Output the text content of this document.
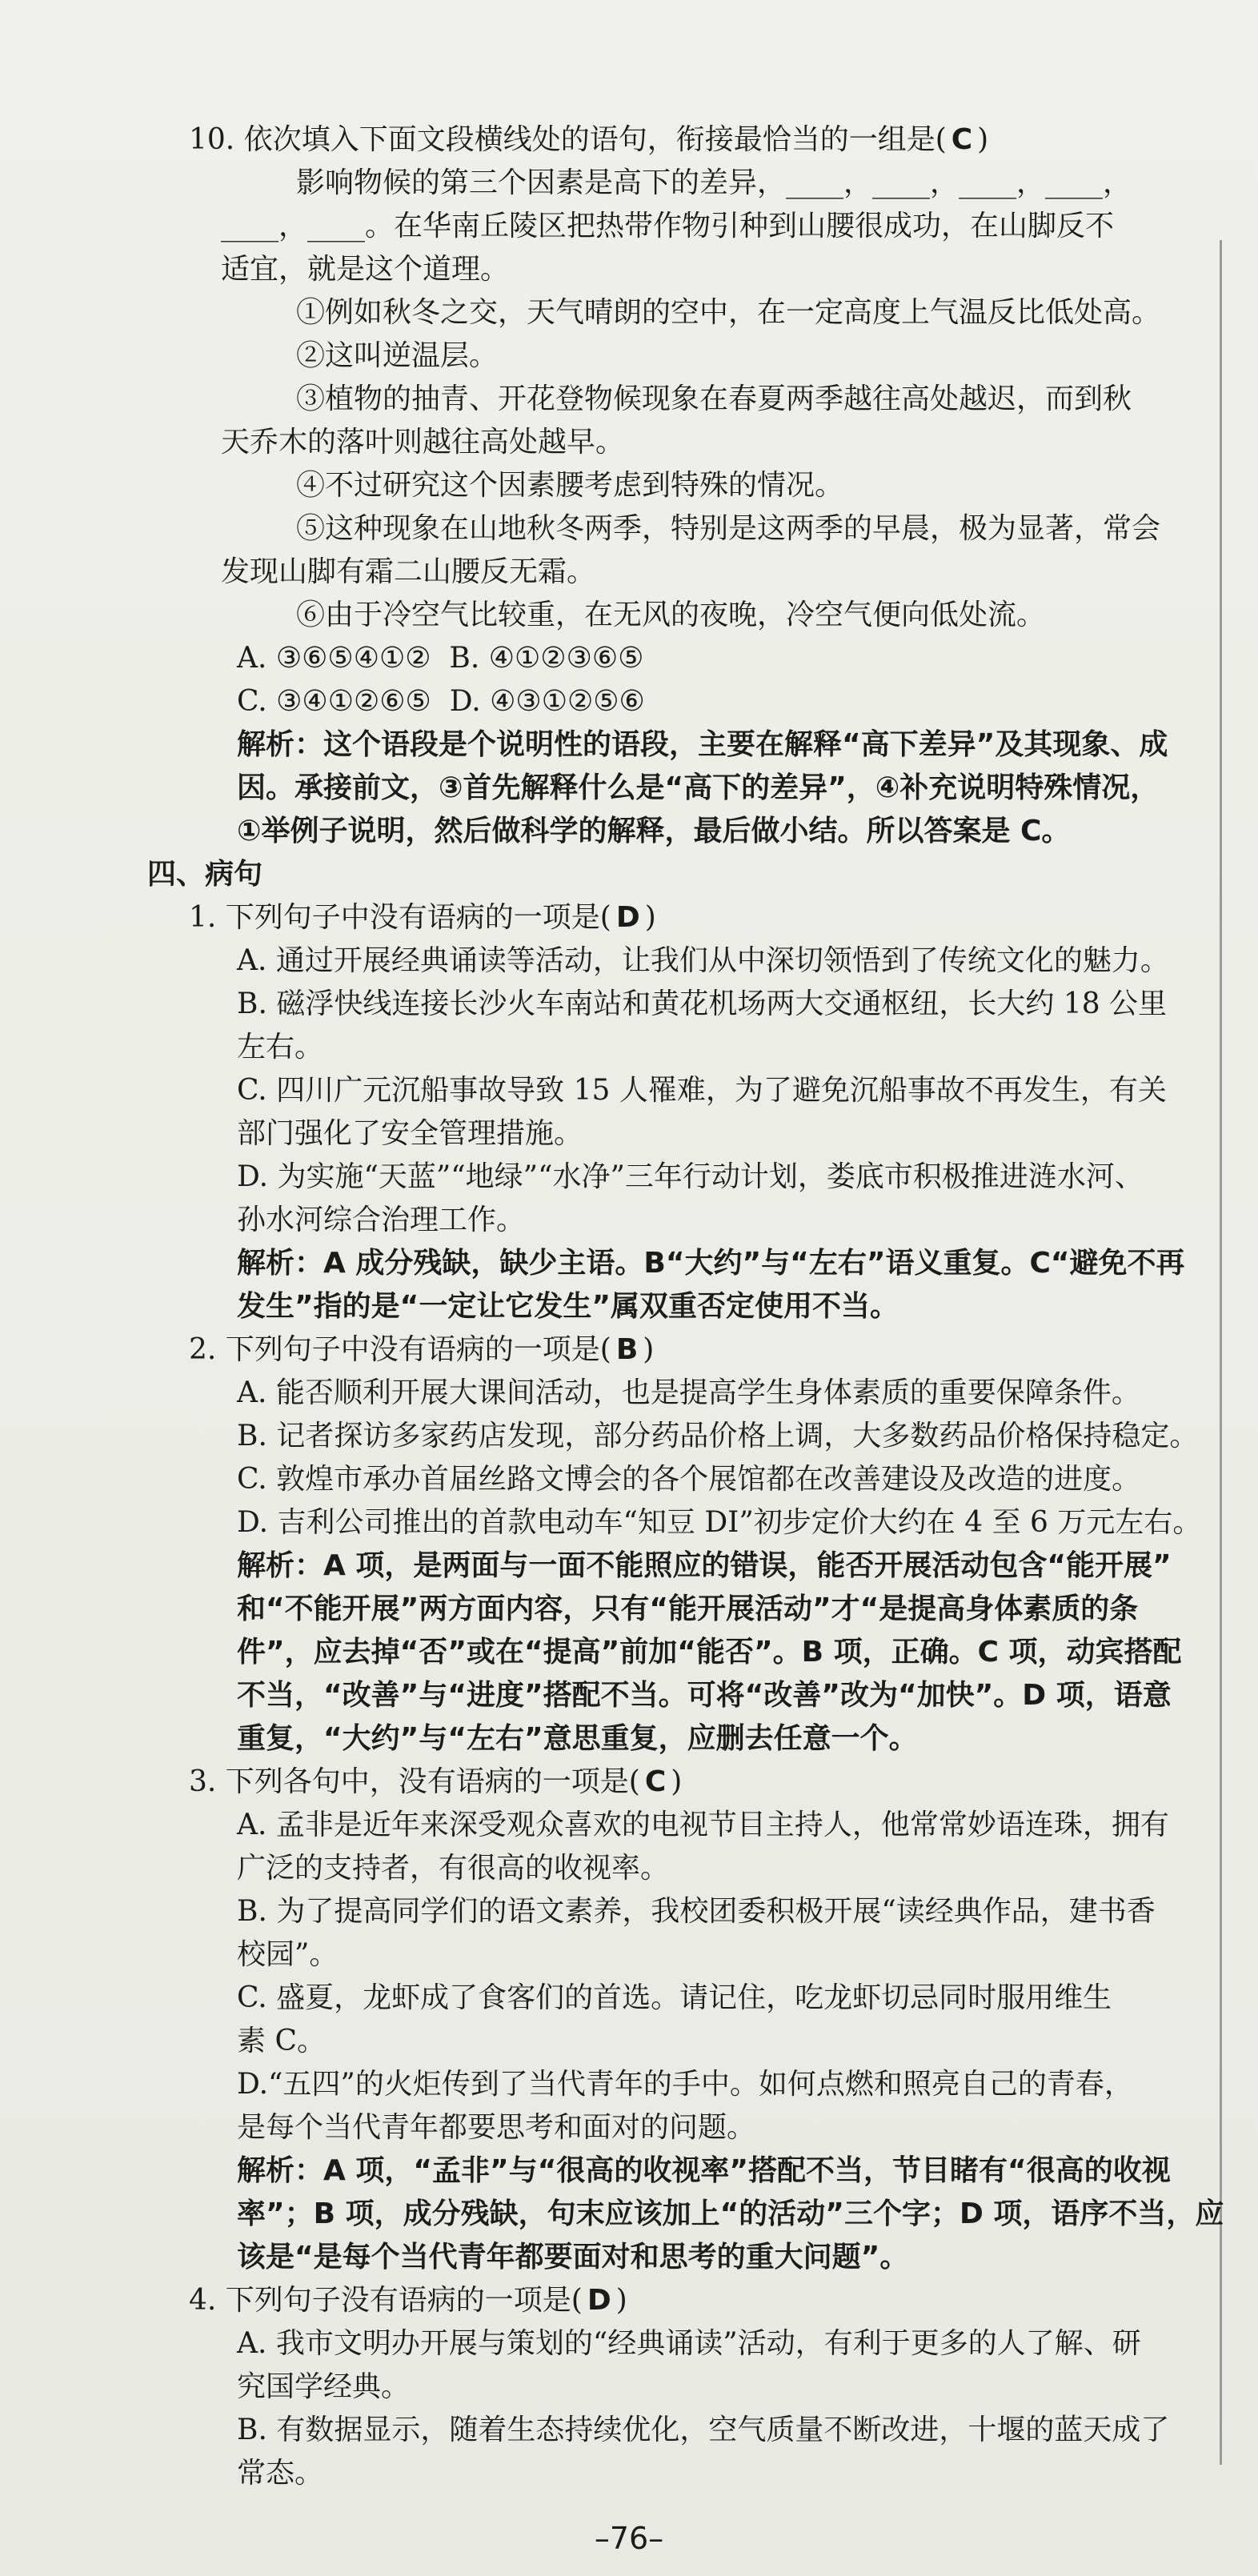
10. 依次填入下面文段横线处的语句，衔接最恰当的一组是( C )
影响物候的第三个因素是高下的差异，____，____，____，____，
____，____。在华南丘陵区把热带作物引种到山腰很成功，在山脚反不
适宜，就是这个道理。
①例如秋冬之交，天气晴朗的空中，在一定高度上气温反比低处高。
②这叫逆温层。
③植物的抽青、开花登物候现象在春夏两季越往高处越迟，而到秋
天乔木的落叶则越往高处越早。
④不过研究这个因素腰考虑到特殊的情况。
⑤这种现象在山地秋冬两季，特别是这两季的早晨，极为显著，常会
发现山脚有霜二山腰反无霜。
⑥由于冷空气比较重，在无风的夜晚，冷空气便向低处流。
A. ③⑥⑤④①② B. ④①②③⑥⑤
C. ③④①②⑥⑤ D. ④③①②⑤⑥
解析：这个语段是个说明性的语段，主要在解释“高下差异”及其现象、成
因。承接前文，③首先解释什么是“高下的差异”，④补充说明特殊情况，
①举例子说明，然后做科学的解释，最后做小结。所以答案是 C。
四、病句
1. 下列句子中没有语病的一项是( D )
A. 通过开展经典诵读等活动，让我们从中深切领悟到了传统文化的魅力。
B. 磁浮快线连接长沙火车南站和黄花机场两大交通枢纽，长大约 18 公里
左右。
C. 四川广元沉船事故导致 15 人罹难，为了避免沉船事故不再发生，有关
部门强化了安全管理措施。
D. 为实施“天蓝”“地绿”“水净”三年行动计划，娄底市积极推进涟水河、
孙水河综合治理工作。
解析：A 成分残缺，缺少主语。B“大约”与“左右”语义重复。C“避免不再
发生”指的是“一定让它发生”属双重否定使用不当。
2. 下列句子中没有语病的一项是( B )
A. 能否顺利开展大课间活动，也是提高学生身体素质的重要保障条件。
B. 记者探访多家药店发现，部分药品价格上调，大多数药品价格保持稳定。
C. 敦煌市承办首届丝路文博会的各个展馆都在改善建设及改造的进度。
D. 吉利公司推出的首款电动车“知豆 DI”初步定价大约在 4 至 6 万元左右。
解析：A 项，是两面与一面不能照应的错误，能否开展活动包含“能开展”
和“不能开展”两方面内容，只有“能开展活动”才“是提高身体素质的条
件”，应去掉“否”或在“提高”前加“能否”。B 项，正确。C 项，动宾搭配
不当，“改善”与“进度”搭配不当。可将“改善”改为“加快”。D 项，语意
重复，“大约”与“左右”意思重复，应删去任意一个。
3. 下列各句中，没有语病的一项是( C )
A. 孟非是近年来深受观众喜欢的电视节目主持人，他常常妙语连珠，拥有
广泛的支持者，有很高的收视率。
B. 为了提高同学们的语文素养，我校团委积极开展“读经典作品，建书香
校园”。
C. 盛夏，龙虾成了食客们的首选。请记住，吃龙虾切忌同时服用维生
素 C。
D.“五四”的火炬传到了当代青年的手中。如何点燃和照亮自己的青春，
是每个当代青年都要思考和面对的问题。
解析：A 项，“孟非”与“很高的收视率”搭配不当，节目睹有“很高的收视
率”；B 项，成分残缺，句末应该加上“的活动”三个字；D 项，语序不当，应
该是“是每个当代青年都要面对和思考的重大问题”。
4. 下列句子没有语病的一项是( D )
A. 我市文明办开展与策划的“经典诵读”活动，有利于更多的人了解、研
究国学经典。
B. 有数据显示，随着生态持续优化，空气质量不断改进，十堰的蓝天成了
常态。
–76–
